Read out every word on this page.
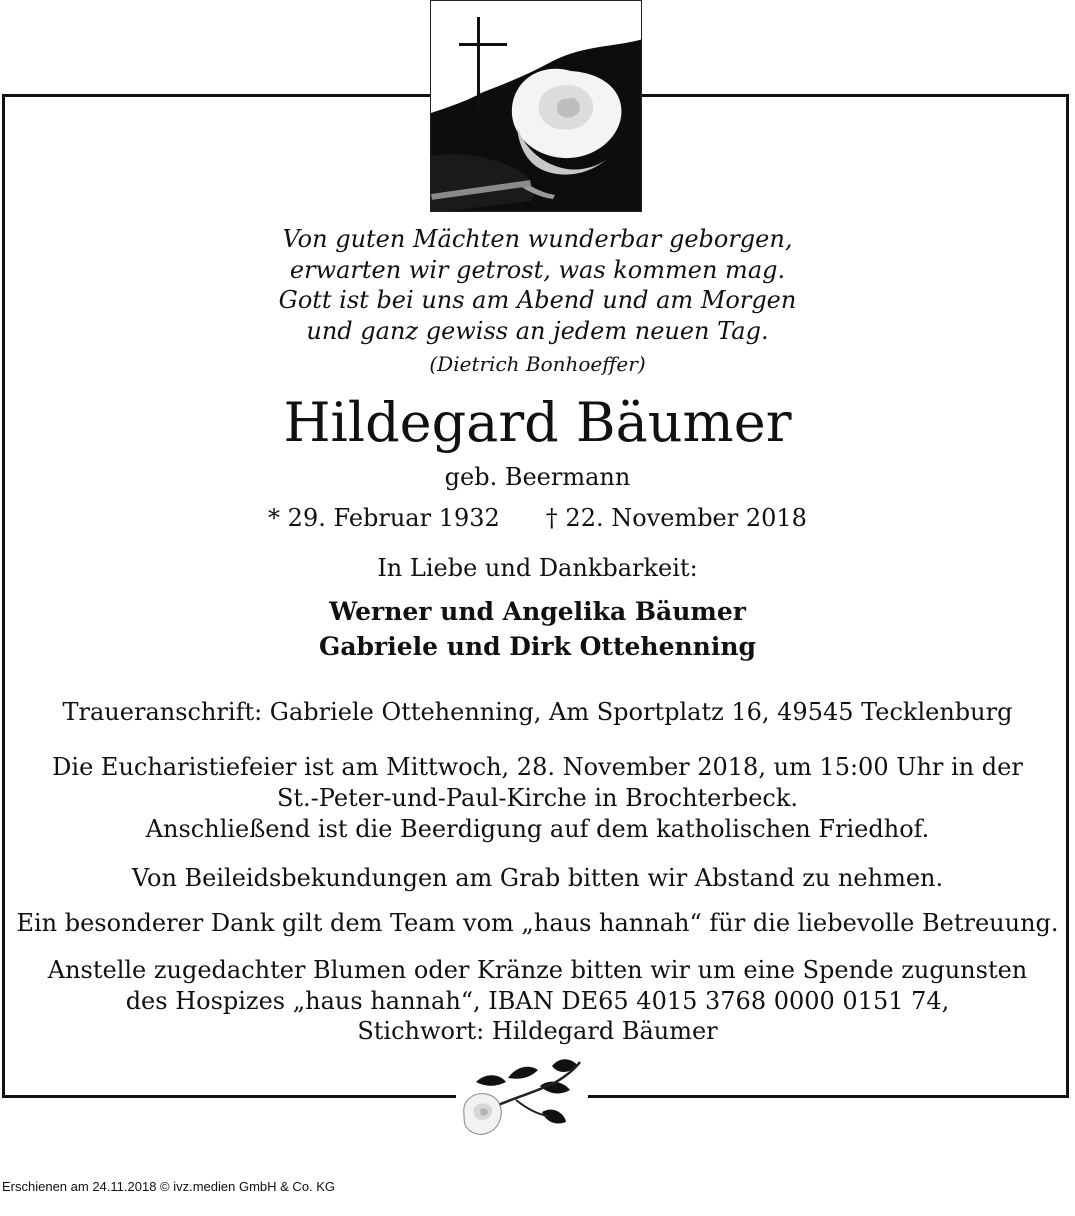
Von guten Mächten wunderbar geborgen,
erwarten wir getrost, was kommen mag.
Gott ist bei uns am Abend und am Morgen
und ganz gewiss an jedem neuen Tag.
(Dietrich Bonhoeffer)
Hildegard Bäumer
geb. Beermann
* 29. Februar 1932 † 22. November 2018
In Liebe und Dankbarkeit:
Werner und Angelika Bäumer
Gabriele und Dirk Ottehenning
Traueranschrift: Gabriele Ottehenning, Am Sportplatz 16, 49545 Tecklenburg
Die Eucharistiefeier ist am Mittwoch, 28. November 2018, um 15:00 Uhr in der
St.-Peter-und-Paul-Kirche in Brochterbeck.
Anschließend ist die Beerdigung auf dem katholischen Friedhof.
Von Beileidsbekundungen am Grab bitten wir Abstand zu nehmen.
Ein besonderer Dank gilt dem Team vom „haus hannah“ für die liebevolle Betreuung.
Anstelle zugedachter Blumen oder Kränze bitten wir um eine Spende zugunsten
des Hospizes „haus hannah“, IBAN DE65 4015 3768 0000 0151 74,
Stichwort: Hildegard Bäumer
Erschienen am 24.11.2018 © ivz.medien GmbH & Co. KG
